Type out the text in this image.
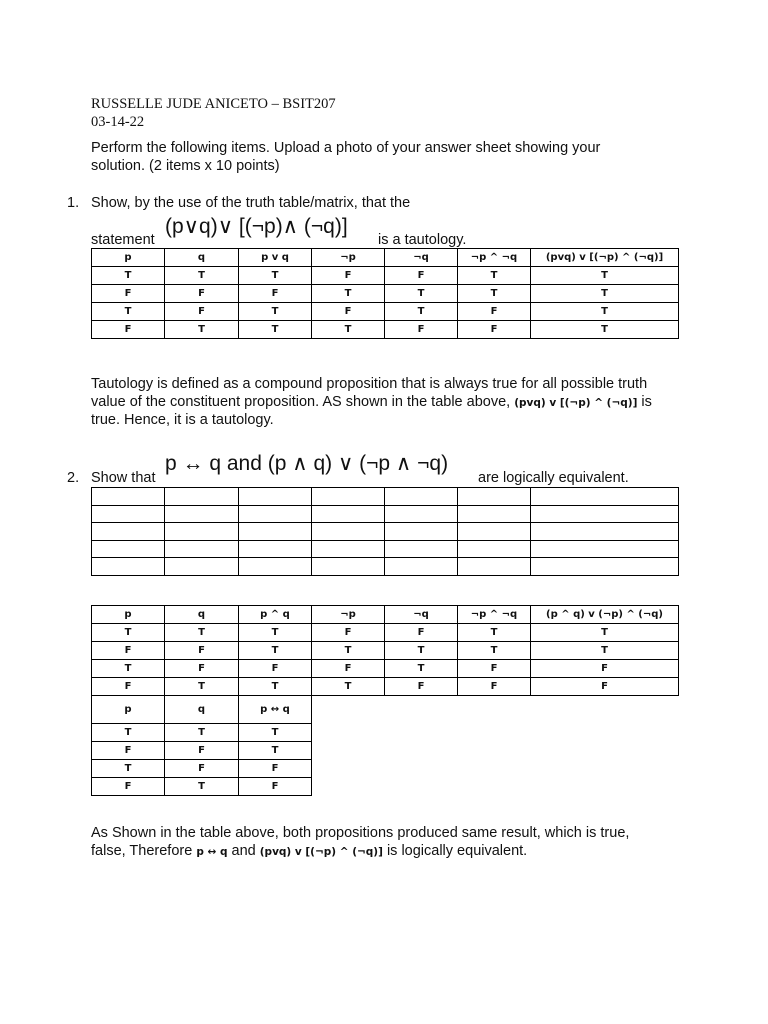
RUSSELLE JUDE ANICETO – BSIT207
03-14-22
Perform the following items. Upload a photo of your answer sheet showing your
solution. (2 items x 10 points)
1. Show, by the use of the truth table/matrix, that the
statement
(p∨q)∨ [(¬p)∧ (¬q)]
is a tautology.
p	q	p v q	¬p	¬q	¬p ^ ¬q	(pvq) v [(¬p) ^ (¬q)]
T	T	T	F	F	T	T
F	F	F	T	T	T	T
T	F	T	F	T	F	T
F	T	T	T	F	F	T
Tautology is defined as a compound proposition that is always true for all possible truth
value of the constituent proposition. AS shown in the table above, (pvq) v [(¬p) ^ (¬q)] is
true. Hence, it is a tautology.
2. Show that
p ↔ q and (p ∧ q) ∨ (¬p ∧ ¬q)
are logically equivalent.

p	q	p ^ q	¬p	¬q	¬p ^ ¬q	(p ^ q) v (¬p) ^ (¬q)
T	T	T	F	F	T	T
F	F	T	T	T	T	T
T	F	F	F	T	F	F
F	T	T	T	F	F	F
p	q	p ↔ q
T	T	T
F	F	T
T	F	F
F	T	F
As Shown in the table above, both propositions produced same result, which is true,
false, Therefore p ↔ q and (pvq) v [(¬p) ^ (¬q)] is logically equivalent.
